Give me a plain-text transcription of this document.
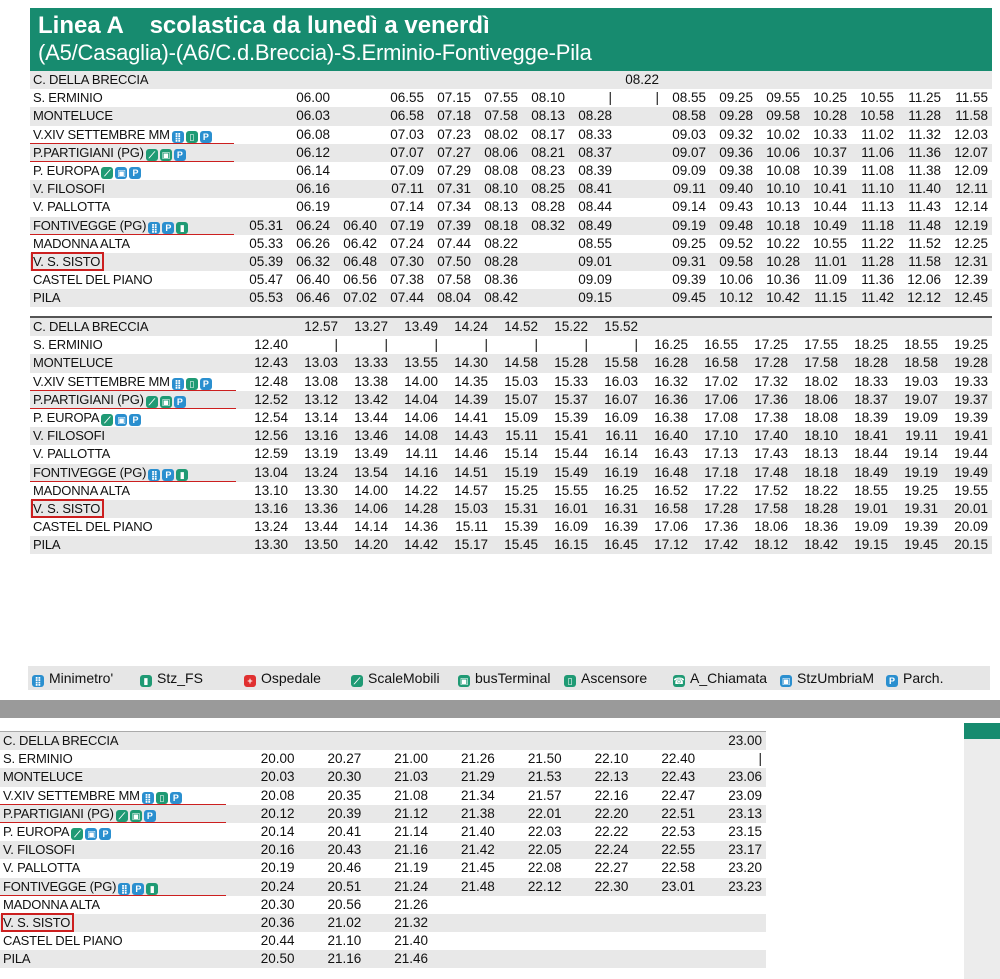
Linea A scolastica da lunedì a venerdì
(A5/Casaglia)-(A6/C.d.Breccia)-S.Erminio-Fontivegge-Pila
C. DELLA BRECCIA									08.22							
S. ERMINIO		06.00		06.55	07.15	07.55	08.10	|	|	08.55	09.25	09.55	10.25	10.55	11.25	11.55
MONTELUCE		06.03		06.58	07.18	07.58	08.13	08.28		08.58	09.28	09.58	10.28	10.58	11.28	11.58
V.XIV SETTEMBRE MM ⣿ ▯ P		06.08		07.03	07.23	08.02	08.17	08.33		09.03	09.32	10.02	10.33	11.02	11.32	12.03
P.PARTIGIANI (PG) ⟋ ▣ P		06.12		07.07	07.27	08.06	08.21	08.37		09.07	09.36	10.06	10.37	11.06	11.36	12.07
P. EUROPA ⟋ ▣ P		06.14		07.09	07.29	08.08	08.23	08.39		09.09	09.38	10.08	10.39	11.08	11.38	12.09
V. FILOSOFI		06.16		07.11	07.31	08.10	08.25	08.41		09.11	09.40	10.10	10.41	11.10	11.40	12.11
V. PALLOTTA		06.19		07.14	07.34	08.13	08.28	08.44		09.14	09.43	10.13	10.44	11.13	11.43	12.14
FONTIVEGGE (PG) ⣿ P ▮	05.31	06.24	06.40	07.19	07.39	08.18	08.32	08.49		09.19	09.48	10.18	10.49	11.18	11.48	12.19
MADONNA ALTA	05.33	06.26	06.42	07.24	07.44	08.22		08.55		09.25	09.52	10.22	10.55	11.22	11.52	12.25
V. S. SISTO	05.39	06.32	06.48	07.30	07.50	08.28		09.01		09.31	09.58	10.28	11.01	11.28	11.58	12.31
CASTEL DEL PIANO	05.47	06.40	06.56	07.38	07.58	08.36		09.09		09.39	10.06	10.36	11.09	11.36	12.06	12.39
PILA	05.53	06.46	07.02	07.44	08.04	08.42		09.15		09.45	10.12	10.42	11.15	11.42	12.12	12.45
C. DELLA BRECCIA		12.57	13.27	13.49	14.24	14.52	15.22	15.52							
S. ERMINIO	12.40	|	|	|	|	|	|	|	16.25	16.55	17.25	17.55	18.25	18.55	19.25
MONTELUCE	12.43	13.03	13.33	13.55	14.30	14.58	15.28	15.58	16.28	16.58	17.28	17.58	18.28	18.58	19.28
V.XIV SETTEMBRE MM ⣿ ▯ P	12.48	13.08	13.38	14.00	14.35	15.03	15.33	16.03	16.32	17.02	17.32	18.02	18.33	19.03	19.33
P.PARTIGIANI (PG) ⟋ ▣ P	12.52	13.12	13.42	14.04	14.39	15.07	15.37	16.07	16.36	17.06	17.36	18.06	18.37	19.07	19.37
P. EUROPA ⟋ ▣ P	12.54	13.14	13.44	14.06	14.41	15.09	15.39	16.09	16.38	17.08	17.38	18.08	18.39	19.09	19.39
V. FILOSOFI	12.56	13.16	13.46	14.08	14.43	15.11	15.41	16.11	16.40	17.10	17.40	18.10	18.41	19.11	19.41
V. PALLOTTA	12.59	13.19	13.49	14.11	14.46	15.14	15.44	16.14	16.43	17.13	17.43	18.13	18.44	19.14	19.44
FONTIVEGGE (PG) ⣿ P ▮	13.04	13.24	13.54	14.16	14.51	15.19	15.49	16.19	16.48	17.18	17.48	18.18	18.49	19.19	19.49
MADONNA ALTA	13.10	13.30	14.00	14.22	14.57	15.25	15.55	16.25	16.52	17.22	17.52	18.22	18.55	19.25	19.55
V. S. SISTO	13.16	13.36	14.06	14.28	15.03	15.31	16.01	16.31	16.58	17.28	17.58	18.28	19.01	19.31	20.01
CASTEL DEL PIANO	13.24	13.44	14.14	14.36	15.11	15.39	16.09	16.39	17.06	17.36	18.06	18.36	19.09	19.39	20.09
PILA	13.30	13.50	14.20	14.42	15.17	15.45	16.15	16.45	17.12	17.42	18.12	18.42	19.15	19.45	20.15
⣿ Minimetro'	▮ Stz_FS	+ Ospedale	⟋ ScaleMobili ▣ busTerminal	▯ Ascensore	☎ A_Chiamata ▣ StzUmbriaM	P Parch.
C. DELLA BRECCIA								23.00
S. ERMINIO	20.00	20.27	21.00	21.26	21.50	22.10	22.40	|
MONTELUCE	20.03	20.30	21.03	21.29	21.53	22.13	22.43	23.06
V.XIV SETTEMBRE MM ⣿ ▯ P	20.08	20.35	21.08	21.34	21.57	22.16	22.47	23.09
P.PARTIGIANI (PG) ⟋ ▣ P	20.12	20.39	21.12	21.38	22.01	22.20	22.51	23.13
P. EUROPA ⟋ ▣ P	20.14	20.41	21.14	21.40	22.03	22.22	22.53	23.15
V. FILOSOFI	20.16	20.43	21.16	21.42	22.05	22.24	22.55	23.17
V. PALLOTTA	20.19	20.46	21.19	21.45	22.08	22.27	22.58	23.20
FONTIVEGGE (PG) ⣿ P ▮	20.24	20.51	21.24	21.48	22.12	22.30	23.01	23.23
MADONNA ALTA	20.30	20.56	21.26					
V. S. SISTO	20.36	21.02	21.32					
CASTEL DEL PIANO	20.44	21.10	21.40					
PILA	20.50	21.16	21.46					
